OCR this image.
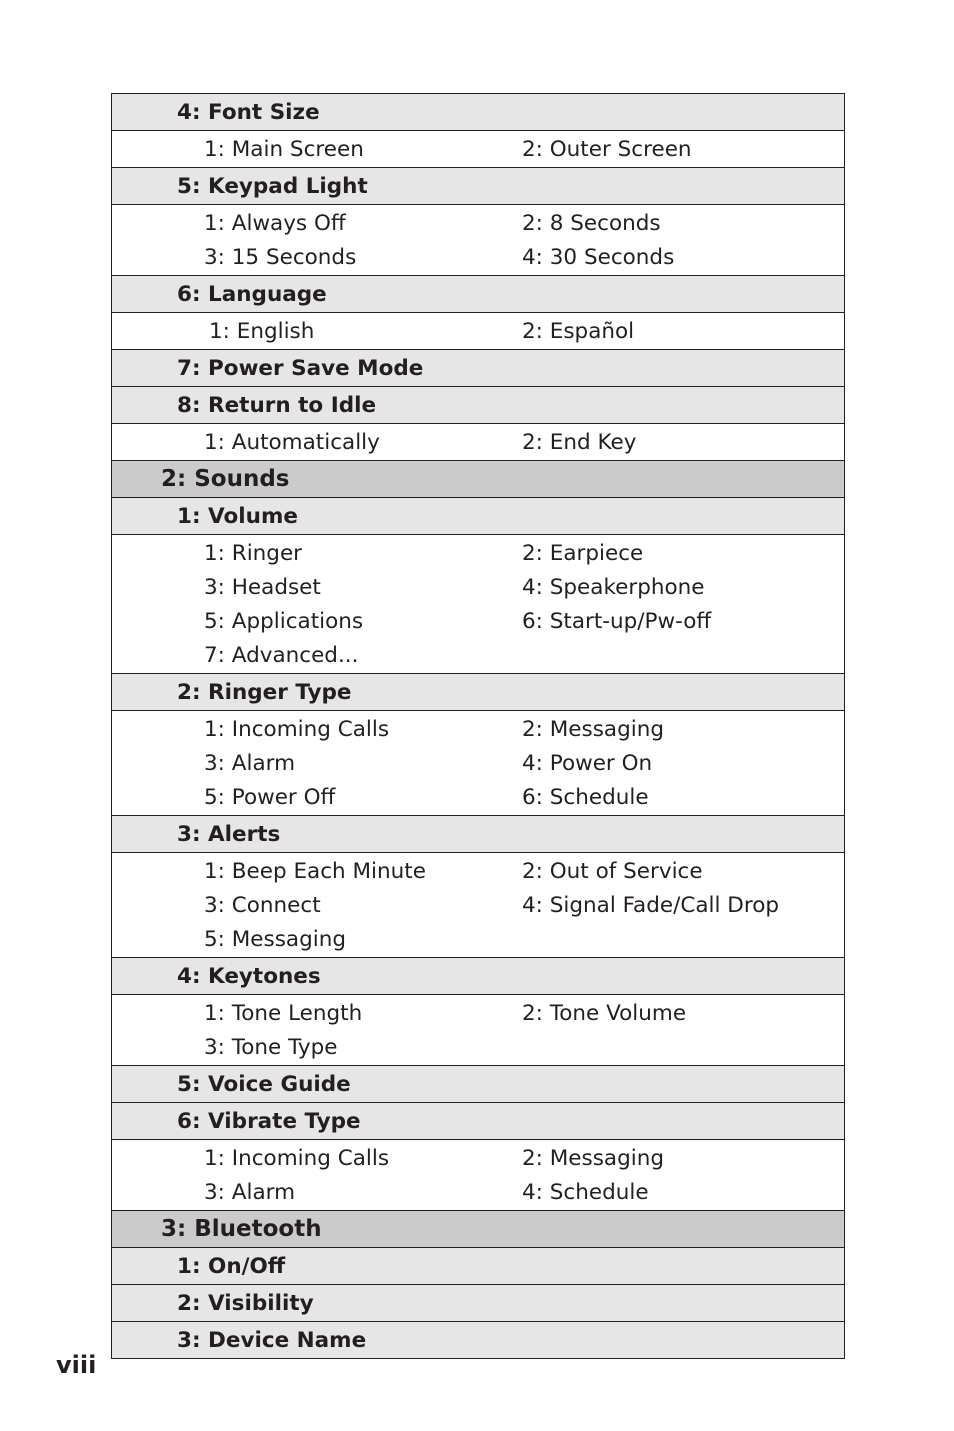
4: Font Size
1: Main Screen	2: Outer Screen
5: Keypad Light
1: Always Off	2: 8 Seconds
3: 15 Seconds	4: 30 Seconds
6: Language
1: English	2: Español
7: Power Save Mode
8: Return to Idle
1: Automatically	2: End Key
2: Sounds
1: Volume
1: Ringer	2: Earpiece
3: Headset	4: Speakerphone
5: Applications	6: Start-up/Pw-off
7: Advanced...
2: Ringer Type
1: Incoming Calls	2: Messaging
3: Alarm	4: Power On
5: Power Off	6: Schedule
3: Alerts
1: Beep Each Minute	2: Out of Service
3: Connect	4: Signal Fade/Call Drop
5: Messaging
4: Keytones
1: Tone Length	2: Tone Volume
3: Tone Type
5: Voice Guide
6: Vibrate Type
1: Incoming Calls	2: Messaging
3: Alarm	4: Schedule
3: Bluetooth
1: On/Off
2: Visibility
3: Device Name
viii
